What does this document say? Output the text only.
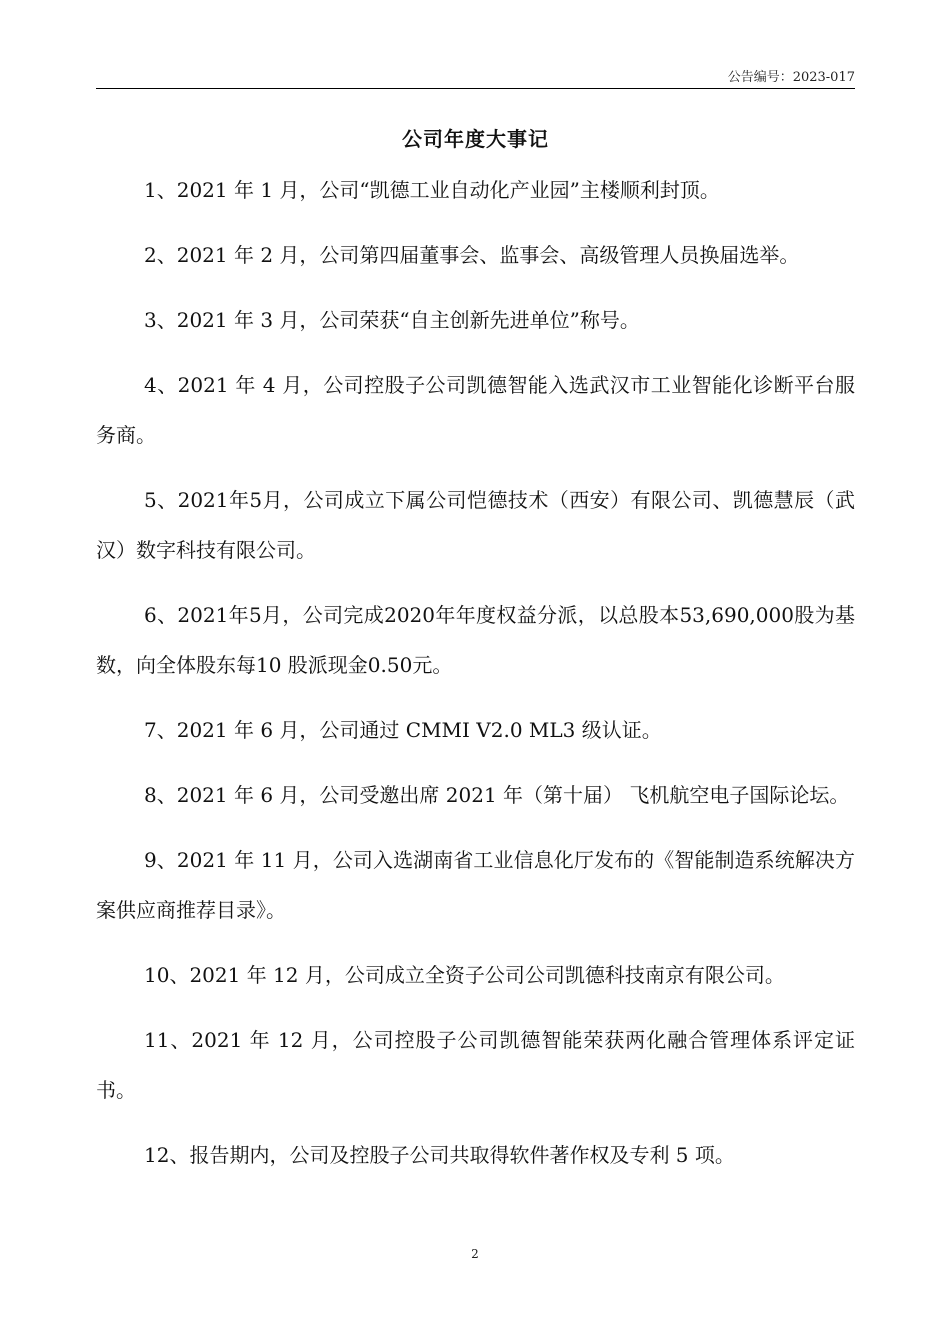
公告编号：2023-017
公司年度大事记

1、2021 年 1 月，公司“凯德工业自动化产业园”主楼顺利封顶。

2、2021 年 2 月，公司第四届董事会、监事会、高级管理人员换届选举。

3、2021 年 3 月，公司荣获“自主创新先进单位”称号。

4、2021 年 4 月，公司控股子公司凯德智能入选武汉市工业智能化诊断平台服务商。

5、2021年5月，公司成立下属公司恺德技术（西安）有限公司、凯德慧辰（武汉）数字科技有限公司。

6、2021年5月，公司完成2020年年度权益分派，以总股本53,690,000股为基数，向全体股东每10 股派现金0.50元。

7、2021 年 6 月，公司通过 CMMI V2.0 ML3 级认证。

8、2021 年 6 月，公司受邀出席 2021 年（第十届） 飞机航空电子国际论坛。

9、2021 年 11 月，公司入选湖南省工业信息化厅发布的《智能制造系统解决方案供应商推荐目录》。

10、2021 年 12 月，公司成立全资子公司公司凯德科技南京有限公司。

11、2021 年 12 月，公司控股子公司凯德智能荣获两化融合管理体系评定证书。

12、报告期内，公司及控股子公司共取得软件著作权及专利 5 项。

2
